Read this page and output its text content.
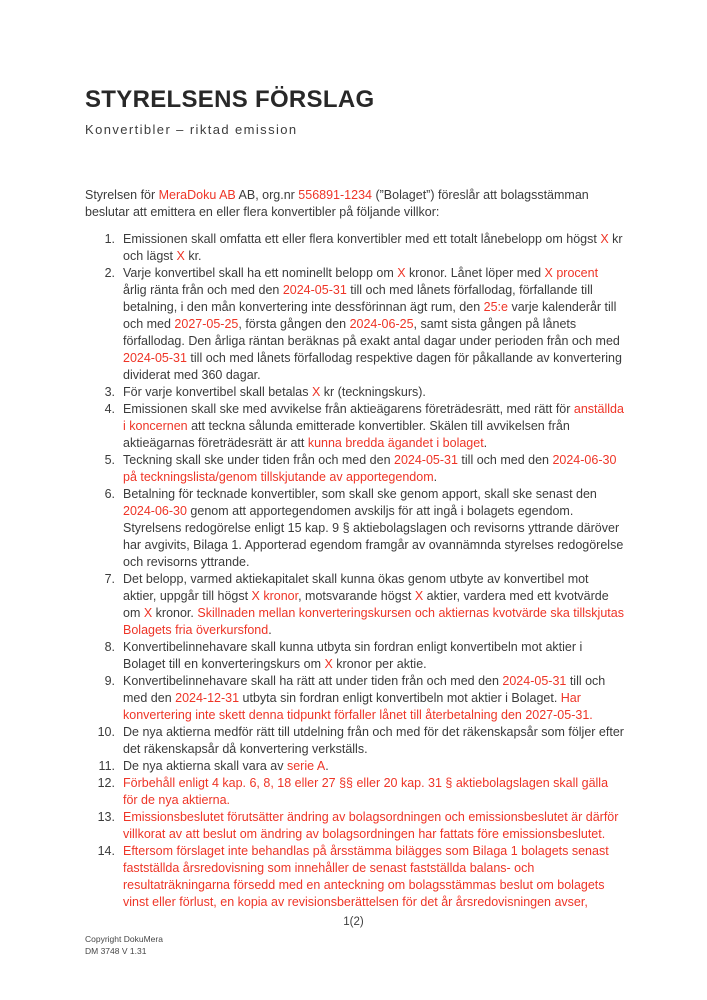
STYRELSENS FÖRSLAG
Konvertibler – riktad emission

Styrelsen för MeraDoku AB AB, org.nr 556891-1234 (”Bolaget”) föreslår att bolagsstämman beslutar att emittera en eller flera konvertibler på följande villkor:

1. Emissionen skall omfatta ett eller flera konvertibler med ett totalt lånebelopp om högst X kr och lägst X kr.
2. Varje konvertibel skall ha ett nominellt belopp om X kronor. Lånet löper med X procent årlig ränta från och med den 2024-05-31 till och med lånets förfallodag, förfallande till betalning, i den mån konvertering inte dessförinnan ägt rum, den 25:e varje kalenderår till och med 2027-05-25, första gången den 2024-06-25, samt sista gången på lånets förfallodag. Den årliga räntan beräknas på exakt antal dagar under perioden från och med 2024-05-31 till och med lånets förfallodag respektive dagen för påkallande av konvertering dividerat med 360 dagar.
3. För varje konvertibel skall betalas X kr (teckningskurs).
4. Emissionen skall ske med avvikelse från aktieägarens företrädesrätt, med rätt för anställda i koncernen att teckna sålunda emitterade konvertibler. Skälen till avvikelsen från aktieägarnas företrädesrätt är att kunna bredda ägandet i bolaget.
5. Teckning skall ske under tiden från och med den 2024-05-31 till och med den 2024-06-30 på teckningslista/genom tillskjutande av apportegendom.
6. Betalning för tecknade konvertibler, som skall ske genom apport, skall ske senast den 2024-06-30 genom att apportegendomen avskiljs för att ingå i bolagets egendom. Styrelsens redogörelse enligt 15 kap. 9 § aktiebolagslagen och revisorns yttrande däröver har avgivits, Bilaga 1. Apporterad egendom framgår av ovannämnda styrelses redogörelse och revisorns yttrande.
7. Det belopp, varmed aktiekapitalet skall kunna ökas genom utbyte av konvertibel mot aktier, uppgår till högst X kronor, motsvarande högst X aktier, vardera med ett kvotvärde om X kronor. Skillnaden mellan konverteringskursen och aktiernas kvotvärde ska tillskjutas Bolagets fria överkursfond.
8. Konvertibelinnehavare skall kunna utbyta sin fordran enligt konvertibeln mot aktier i Bolaget till en konverteringskurs om X kronor per aktie.
9. Konvertibelinnehavare skall ha rätt att under tiden från och med den 2024-05-31 till och med den 2024-12-31 utbyta sin fordran enligt konvertibeln mot aktier i Bolaget. Har konvertering inte skett denna tidpunkt förfaller lånet till återbetalning den 2027-05-31.
10. De nya aktierna medför rätt till utdelning från och med för det räkenskapsår som följer efter det räkenskapsår då konvertering verkställs.
11. De nya aktierna skall vara av serie A.
12. Förbehåll enligt 4 kap. 6, 8, 18 eller 27 §§ eller 20 kap. 31 § aktiebolagslagen skall gälla för de nya aktierna.
13. Emissionsbeslutet förutsätter ändring av bolagsordningen och emissionsbeslutet är därför villkorat av att beslut om ändring av bolagsordningen har fattats före emissionsbeslutet.
14. Eftersom förslaget inte behandlas på årsstämma bilägges som Bilaga 1 bolagets senast fastställda årsredovisning som innehåller de senast fastställda balans- och resultaträkningarna försedd med en anteckning om bolagsstämmas beslut om bolagets vinst eller förlust, en kopia av revisionsberättelsen för det år årsredovisningen avser,
1(2)
Copyright DokuMera
DM 3748 V 1.31
